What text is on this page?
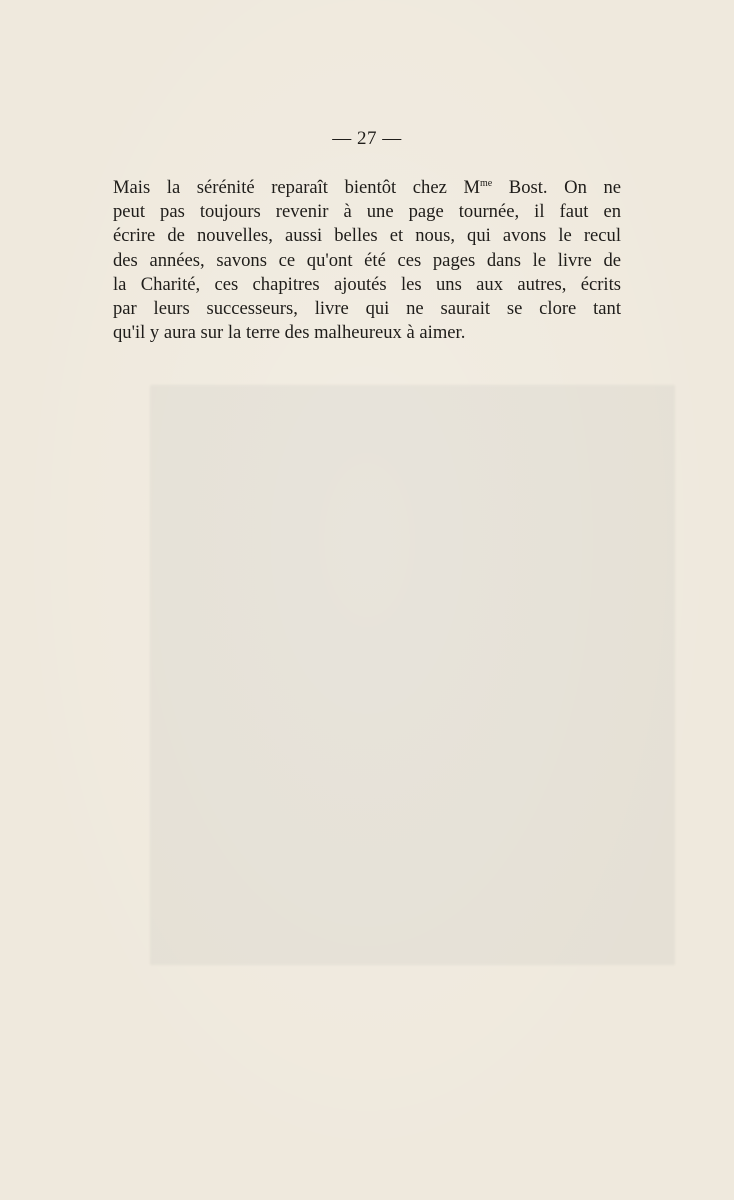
— 27 —
Mais la sérénité reparaît bientôt chez $M^{me}$ Bost. On ne
peut pas toujours revenir à une page tournée, il faut en
écrire de nouvelles, aussi belles et nous, qui avons le recul
des années, savons ce qu'ont été ces pages dans le livre de
la Charité, ces chapitres ajoutés les uns aux autres, écrits
par leurs successeurs, livre qui ne saurait se clore tant
qu'il y aura sur la terre des malheureux à aimer.
